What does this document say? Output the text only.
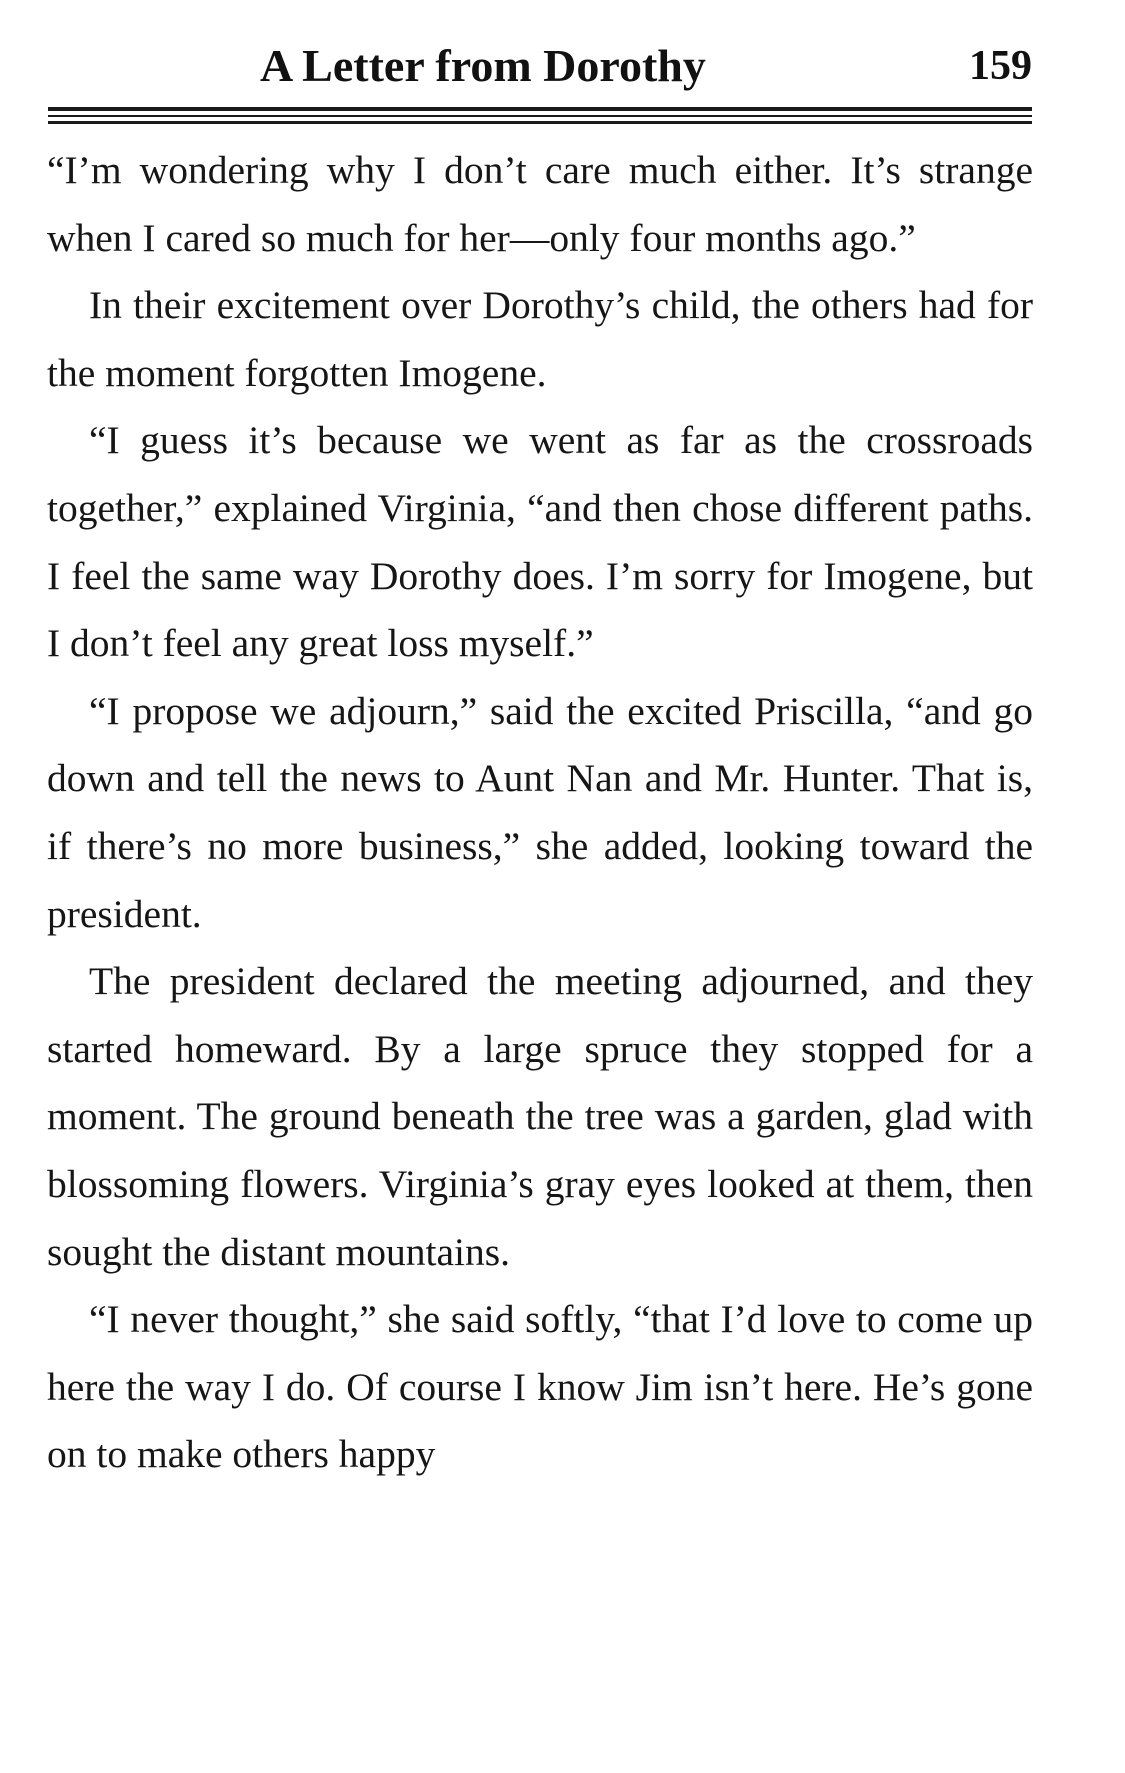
A Letter from Dorothy	159

“I’m wondering why I don’t care much either. It’s strange when I cared so much for her—only four months ago.”

In their excitement over Dorothy’s child, the others had for the moment forgotten Imogene.

“I guess it’s because we went as far as the crossroads together,” explained Virginia, “and then chose different paths. I feel the same way Dorothy does. I’m sorry for Imogene, but I don’t feel any great loss myself.”

“I propose we adjourn,” said the excited Priscilla, “and go down and tell the news to Aunt Nan and Mr. Hunter. That is, if there’s no more business,” she added, looking toward the president.

The president declared the meeting adjourned, and they started homeward. By a large spruce they stopped for a moment. The ground beneath the tree was a garden, glad with blossoming flowers. Virginia’s gray eyes looked at them, then sought the distant mountains.

“I never thought,” she said softly, “that I’d love to come up here the way I do. Of course I know Jim isn’t here. He’s gone on to make others happy
